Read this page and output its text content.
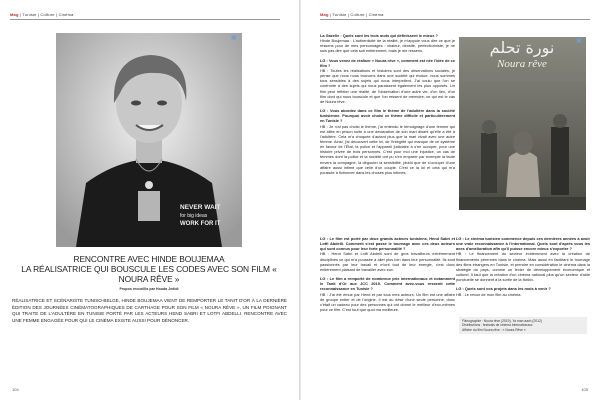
Mag | Tunisie | Culture | Cinéma
NEVER WAIT
for big ideas
WORK FOR IT
▣
RENCONTRE AVEC HINDE BOUJEMAA
LA RÉALISATRICE QUI BOUSCULE LES CODES AVEC SON FILM « NOURA RÊVE »
Propos recueillis par Houda Jedidi
RÉALISATRICE ET SCÉNARISTE TUNISO-BELGE, HINDE BOUJEMAA VIENT DE REMPORTER LE TANIT D'OR À LA DERNIÈRE ÉDITION DES JOURNÉES CINÉMATOGRAPHIQUES DE CARTHAGE POUR SON FILM « NOURA RÊVE », UN FILM POIGNANT QUI TRAITE DE L'ADULTÈRE EN TUNISIE PORTÉ PAR LES ACTEURS HEND SABRI ET LOTFI ABDELLI. RENCONTRE AVEC UNE FEMME ENGAGÉE POUR QUI LE CINÉMA EXISTE AUSSI POUR DÉNONCER.
104
Mag | Tunisie | Culture | Cinéma

La Gazelle : Quels sont les trois mots qui définissent le mieux ?
Hinde Boujemaa : L'authenticité de la réalité, je m'appuie vous dire ce que je ressens pour de mes personnages : chaleur, densité, perfectionniste, je ne suis pas dire que cela soit entièrement, mais je me ressens.

LG : Vous venez de réaliser « Noura rêve », comment est née l'idée de ce film ?
HB : Toutes les réalisations et histoires sont des observations sociales, je pense que nous nous trouvons dans une société qui évolue, nous sommes tous sensibles à des sujets qui nous interpellent. J'ai voulu que l'on se confronte à des sujets qui nous paraissent également les plus opposés. Un film peut refléter une réalité, de l'observation d'une autre vie, d'un lien, d'un film dont qui nous bouscule et que l'on ressent de mémoire, ce qui est le cas de Noura rêve.

LG : Vous abordez dans ce film le thème de l'adultère dans la société tunisienne. Pourquoi avoir choisi ce thème difficile et particulièrement en Tunisie ?
HB : Je n'ai pas choisi le thème, j'ai entendu le témoignage d'une femme qui est allée en prison suite à une déclaration de son mari disant qu'elle a été à l'adultère. Cela m'a choquée d'autant plus que la mari vivait avec une autre femme. Ainsi, j'ai découvert cette loi, de l'intégrité qui manque de ce système en faveur de l'État, la police et l'appareil judiciaire à s'en occuper, pour une histoire privée de trois personnes. C'est pour moi une injustice, un cas de femmes dont la police et la société ont pu s'en emparer par exemple la faute envers la compagne, la dégouter la sensibilité, plutôt que de s'occuper d'une affaire aussi intime que celle d'un couple. C'est ce la loi et cela qui m'a poussée à fictionner dans les choses plus intimes.

نورة تحلم
Noura rêve
▣

LG : Le film est porté par deux grands acteurs tunisiens, Hend Sabri et Lotfi Abdelli. Comment s'est passé le tournage avec ces deux acteurs qui sont connus pour leur forte personnalité ?
HB : Hend Sabri et Lotfi Abdelli sont de gros travailleurs extrêmement disciplinés ce qui m'a poussée à aller plus loin dans leur personnalité. Ils sont passionnés par leur travail et m'ont tout de leur énergie, c'est donc entièrement plaisant de travailler avec eux.

LG : Le film a remporté de nombreux prix internationaux et notamment le Tanit d'Or aux JCC 2019. Comment avez-vous ressenti cette reconnaissance en Tunisie ?
HB : J'ai été émue par Hend et par tous mes acteurs. Un film est une affaire de groupe entier et de l'origine. Il est du désir d'une seule personne, donc c'était un cadeau pour des personnes qui ont donné le meilleur d'eux-mêmes pour ce film. C'est tout que quoi ma meilleure.

LG : Le cinéma tunisien commence depuis ces dernières années à avoir une vraie reconnaissance à l'international. Quels sont d'après vous les axes d'amélioration afin qu'il puisse encore mieux s'exporter ?
HB : Le financement du secteur évidemment avec la création de financements pérennes dans le cinéma. Mais aussi en facilitant le tournage des films étrangers en Tunisie, et prendre en considération le cinéma dans la stratégie du pays, comme un levier de développement économique et culturel. Il faut que la création d'un cinéma national plus qu'un secteur d'aide ponctuelle se donnent à la sortie de la fiction.

LG : Quels sont vos projets dans les mois à venir ?
HB : Le retour de mon film au cinéma.

Filmographie : Noura rêve (2019), Ya man aach (2012)
Distributions : festivals de cinéma internationaux
Affiche du film Noura rêve : « Noura Rêve »
105
